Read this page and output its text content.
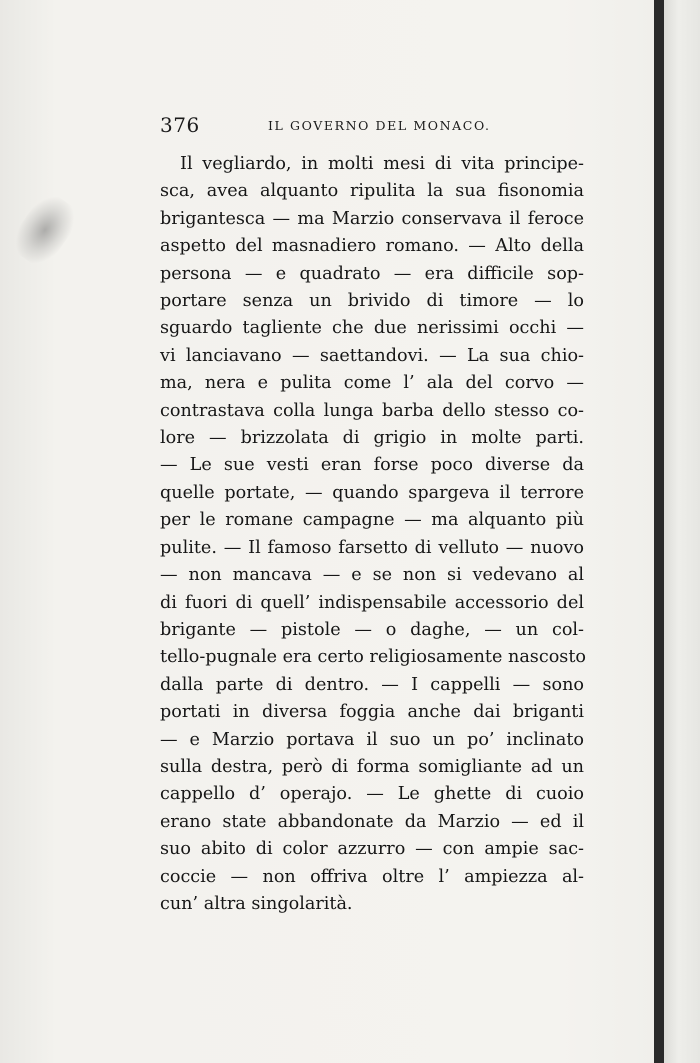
376	IL GOVERNO DEL MONACO.
Il vegliardo, in molti mesi di vita principe-
sca, avea alquanto ripulita la sua fisonomia
brigantesca — ma Marzio conservava il feroce
aspetto del masnadiero romano. — Alto della
persona — e quadrato — era difficile sop-
portare senza un brivido di timore — lo
sguardo tagliente che due nerissimi occhi —
vi lanciavano — saettandovi. — La sua chio-
ma, nera e pulita come l’ ala del corvo —
contrastava colla lunga barba dello stesso co-
lore — brizzolata di grigio in molte parti.
— Le sue vesti eran forse poco diverse da
quelle portate, — quando spargeva il terrore
per le romane campagne — ma alquanto più
pulite. — Il famoso farsetto di velluto — nuovo
— non mancava — e se non si vedevano al
di fuori di quell’ indispensabile accessorio del
brigante — pistole — o daghe, — un col-
tello-pugnale era certo religiosamente nascosto
dalla parte di dentro. — I cappelli — sono
portati in diversa foggia anche dai briganti
— e Marzio portava il suo un po’ inclinato
sulla destra, però di forma somigliante ad un
cappello d’ operajo. — Le ghette di cuoio
erano state abbandonate da Marzio — ed il
suo abito di color azzurro — con ampie sac-
coccie — non offriva oltre l’ ampiezza al-
cun’ altra singolarità.
